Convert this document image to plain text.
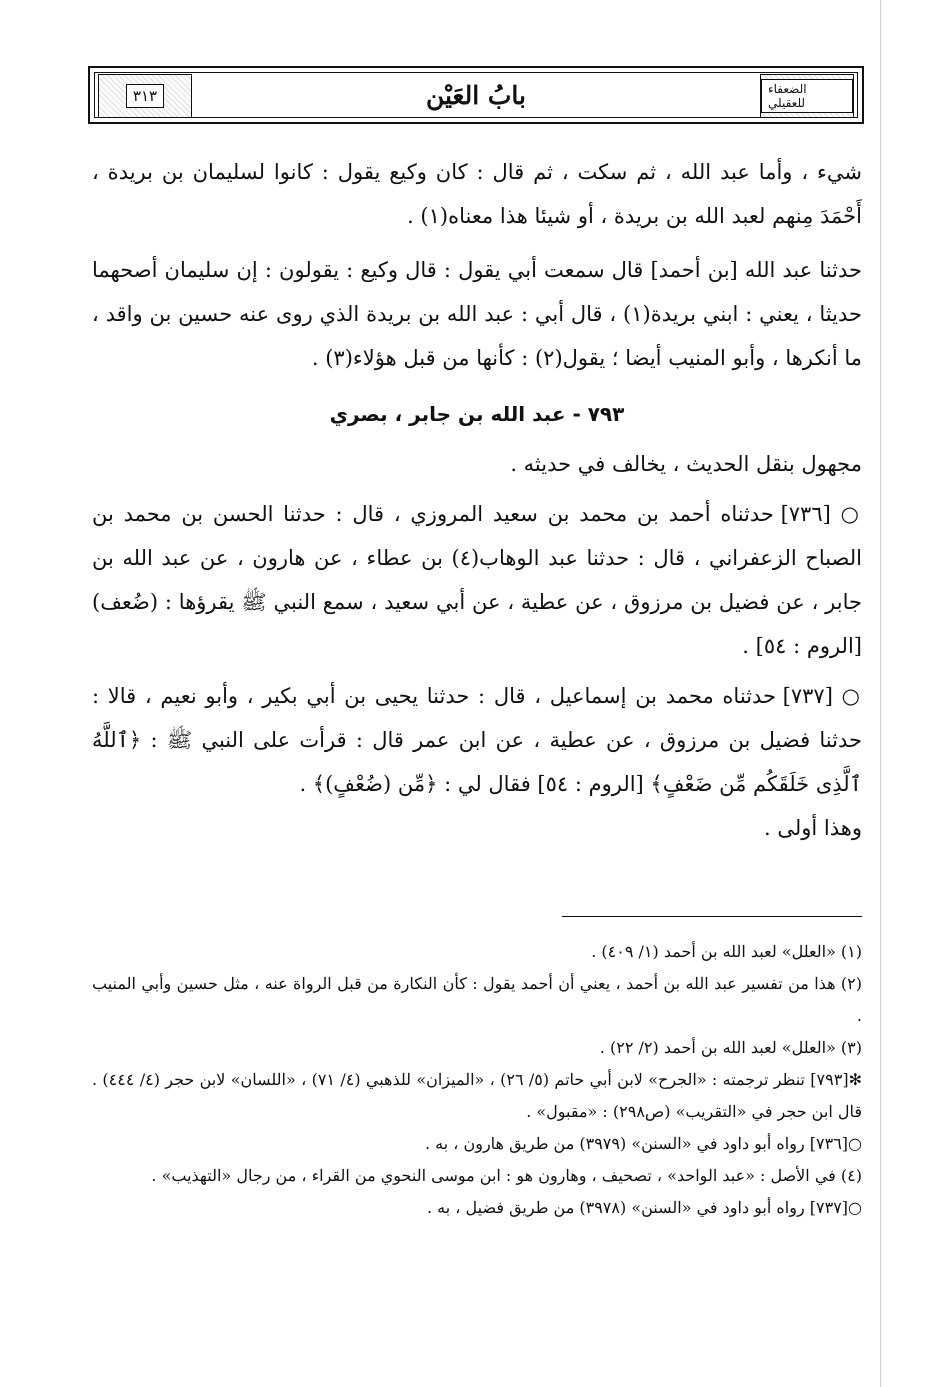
٣١٣	بابُ العَيْن	الضعفاء للعقيلي

شيء ، وأما عبد الله ، ثم سكت ، ثم قال : كان وكيع يقول : كانوا لسليمان بن بريدة ، أَحْمَدَ مِنهم لعبد الله بن بريدة ، أو شيئا هذا معناه(١) .

حدثنا عبد الله [بن أحمد] قال سمعت أبي يقول : قال وكيع : يقولون : إن سليمان أصحهما حديثا ، يعني : ابني بريدة(١) ، قال أبي : عبد الله بن بريدة الذي روى عنه حسين بن واقد ، ما أنكرها ، وأبو المنيب أيضا ؛ يقول(٢) : كأنها من قبل هؤلاء(٣) .

٧٩٣ - عبد الله بن جابر ، بصري

مجهول بنقل الحديث ، يخالف في حديثه .

○ [٧٣٦] حدثناه أحمد بن محمد بن سعيد المروزي ، قال : حدثنا الحسن بن محمد بن الصباح الزعفراني ، قال : حدثنا عبد الوهاب(٤) بن عطاء ، عن هارون ، عن عبد الله بن جابر ، عن فضيل بن مرزوق ، عن عطية ، عن أبي سعيد ، سمع النبي ﷺ يقرؤها : (ضُعف) [الروم : ٥٤] .

○ [٧٣٧] حدثناه محمد بن إسماعيل ، قال : حدثنا يحيى بن أبي بكير ، وأبو نعيم ، قالا : حدثنا فضيل بن مرزوق ، عن عطية ، عن ابن عمر قال : قرأت على النبي ﷺ : ﴿ٱللَّهُ ٱلَّذِى خَلَقَكُم مِّن ضَعْفٍ﴾ [الروم : ٥٤] فقال لي : ﴿مِّن (ضُعْفٍ)﴾ .

وهذا أولى .

(١) «العلل» لعبد الله بن أحمد (١/ ٤٠٩) .

(٢) هذا من تفسير عبد الله بن أحمد ، يعني أن أحمد يقول : كأن النكارة من قبل الرواة عنه ، مثل حسين وأبي المنيب .

(٣) «العلل» لعبد الله بن أحمد (٢/ ٢٢) .

✻[٧٩٣] تنظر ترجمته : «الجرح» لابن أبي حاتم (٥/ ٢٦) ، «الميزان» للذهبي (٤/ ٧١) ، «اللسان» لابن حجر (٤/ ٤٤٤) . قال ابن حجر في «التقريب» (ص٢٩٨) : «مقبول» .

○[٧٣٦] رواه أبو داود في «السنن» (٣٩٧٩) من طريق هارون ، به .

(٤) في الأصل : «عبد الواحد» ، تصحيف ، وهارون هو : ابن موسى النحوي من القراء ، من رجال «التهذيب» .

○[٧٣٧] رواه أبو داود في «السنن» (٣٩٧٨) من طريق فضيل ، به .
